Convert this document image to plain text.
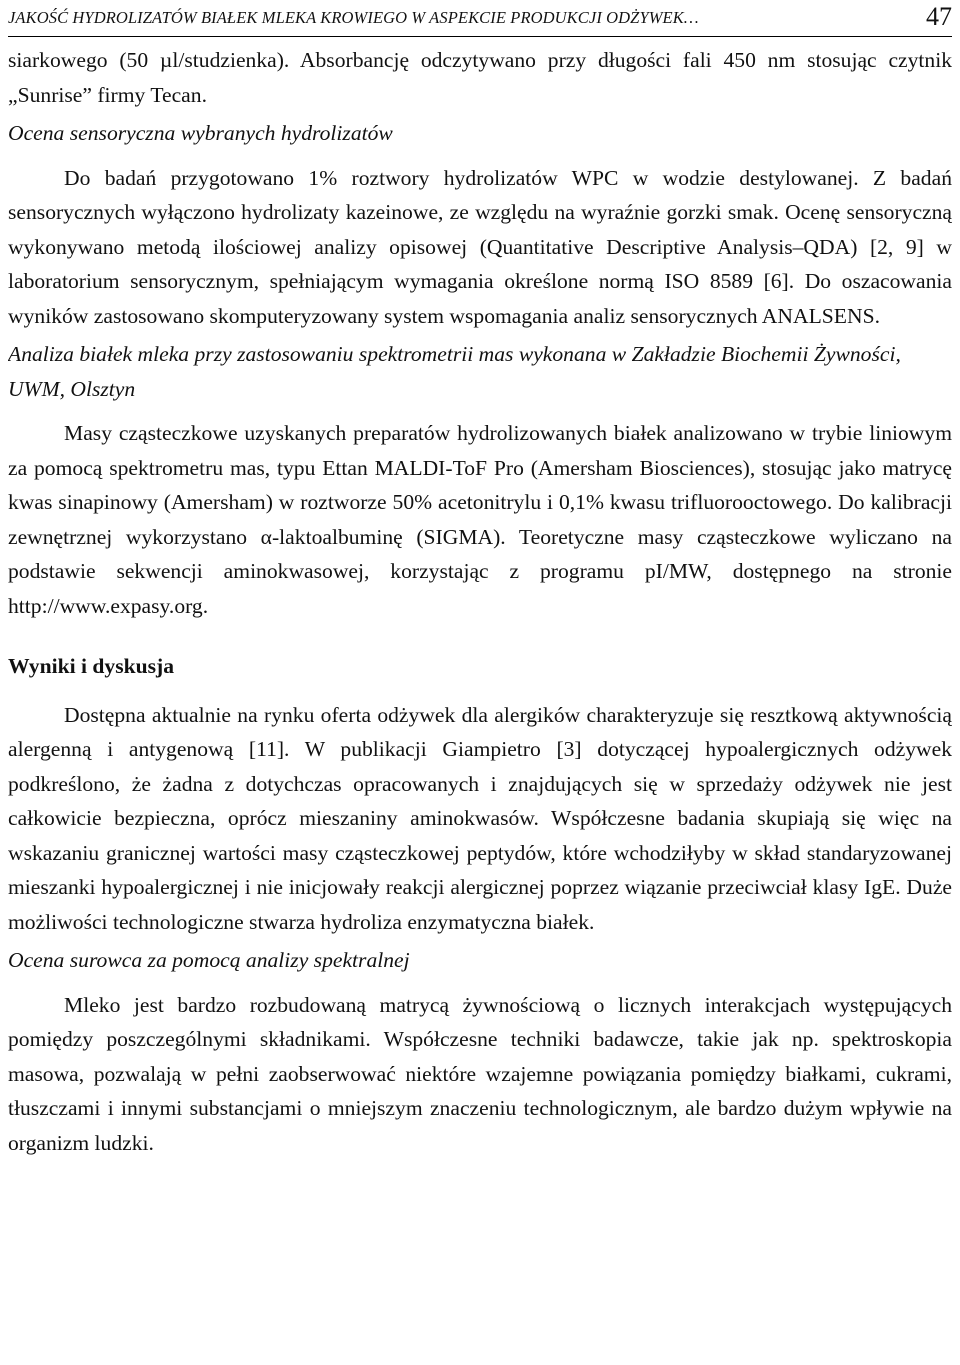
JAKOŚĆ HYDROLIZATÓW BIAŁEK MLEKA KROWIEGO W ASPEKCIE PRODUKCJI ODŻYWEK…	47

siarkowego (50 µl/studzienka). Absorbancję odczytywano przy długości fali 450 nm stosując czytnik „Sunrise” firmy Tecan.

Ocena sensoryczna wybranych hydrolizatów

Do badań przygotowano 1% roztwory hydrolizatów WPC w wodzie destylowanej. Z badań sensorycznych wyłączono hydrolizaty kazeinowe, ze względu na wyraźnie gorzki smak. Ocenę sensoryczną wykonywano metodą ilościowej analizy opisowej (Quantitative Descriptive Analysis–QDA) [2, 9] w laboratorium sensorycznym, spełniającym wymagania określone normą ISO 8589 [6]. Do oszacowania wyników zastosowano skomputeryzowany system wspomagania analiz sensorycznych ANALSENS.

Analiza białek mleka przy zastosowaniu spektrometrii mas wykonana w Zakładzie Biochemii Żywności, UWM, Olsztyn

Masy cząsteczkowe uzyskanych preparatów hydrolizowanych białek analizowano w trybie liniowym za pomocą spektrometru mas, typu Ettan MALDI-ToF Pro (Amersham Biosciences), stosując jako matrycę kwas sinapinowy (Amersham) w roztworze 50% acetonitrylu i 0,1% kwasu trifluorooctowego. Do kalibracji zewnętrznej wykorzystano α-laktoalbuminę (SIGMA). Teoretyczne masy cząsteczkowe wyliczano na podstawie sekwencji aminokwasowej, korzystając z programu pI/MW, dostępnego na stronie http://www.expasy.org.

Wyniki i dyskusja

Dostępna aktualnie na rynku oferta odżywek dla alergików charakteryzuje się resztkową aktywnością alergenną i antygenową [11]. W publikacji Giampietro [3] dotyczącej hypoalergicznych odżywek podkreślono, że żadna z dotychczas opracowanych i znajdujących się w sprzedaży odżywek nie jest całkowicie bezpieczna, oprócz mieszaniny aminokwasów. Współczesne badania skupiają się więc na wskazaniu granicznej wartości masy cząsteczkowej peptydów, które wchodziłyby w skład standaryzowanej mieszanki hypoalergicznej i nie inicjowały reakcji alergicznej poprzez wiązanie przeciwciał klasy IgE. Duże możliwości technologiczne stwarza hydroliza enzymatyczna białek.

Ocena surowca za pomocą analizy spektralnej

Mleko jest bardzo rozbudowaną matrycą żywnościową o licznych interakcjach występujących pomiędzy poszczególnymi składnikami. Współczesne techniki badawcze, takie jak np. spektroskopia masowa, pozwalają w pełni zaobserwować niektóre wzajemne powiązania pomiędzy białkami, cukrami, tłuszczami i innymi substancjami o mniejszym znaczeniu technologicznym, ale bardzo dużym wpływie na organizm ludzki.
